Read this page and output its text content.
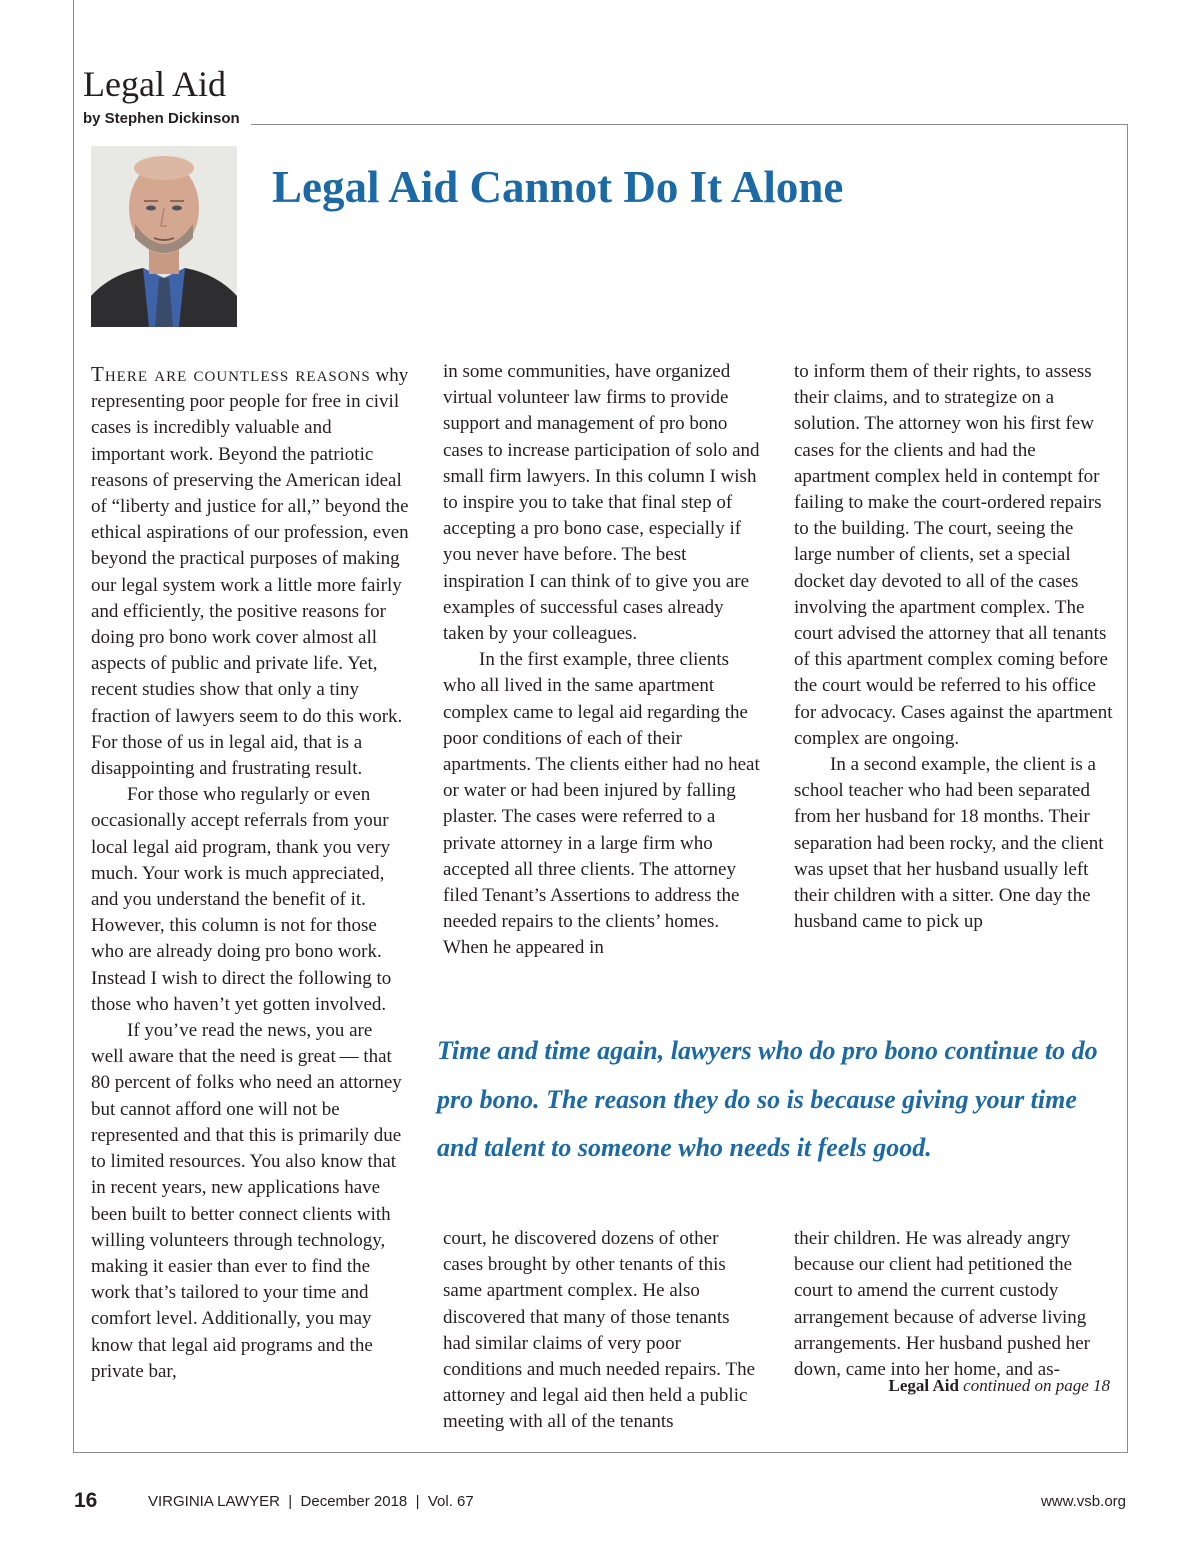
Legal Aid
by Stephen Dickinson
Legal Aid Cannot Do It Alone

There are countless reasons why representing poor people for free in civil cases is incredibly valuable and important work. Beyond the patriotic reasons of preserving the American ideal of “liberty and justice for all,” beyond the ethical aspirations of our profession, even beyond the practical purposes of making our legal system work a little more fairly and efficiently, the positive reasons for doing pro bono work cover almost all aspects of public and private life. Yet, recent studies show that only a tiny fraction of lawyers seem to do this work. For those of us in legal aid, that is a disappointing and frustrating result.

For those who regularly or even occasionally accept referrals from your local legal aid program, thank you very much. Your work is much appreciated, and you understand the benefit of it. However, this column is not for those who are already doing pro bono work. Instead I wish to direct the following to those who haven’t yet gotten involved.

If you’ve read the news, you are well aware that the need is great — that 80 percent of folks who need an attorney but cannot afford one will not be represented and that this is primarily due to limited resources. You also know that in recent years, new applications have been built to better connect clients with willing volunteers through technology, making it easier than ever to find the work that’s tailored to your time and comfort level. Additionally, you may know that legal aid programs and the private bar,

in some communities, have organized virtual volunteer law firms to provide support and management of pro bono cases to increase participation of solo and small firm lawyers. In this column I wish to inspire you to take that final step of accepting a pro bono case, especially if you never have before. The best inspiration I can think of to give you are examples of successful cases already taken by your colleagues.

In the first example, three clients who all lived in the same apartment complex came to legal aid regarding the poor conditions of each of their apartments. The clients either had no heat or water or had been injured by falling plaster. The cases were referred to a private attorney in a large firm who accepted all three clients. The attorney filed Tenant’s Assertions to address the needed repairs to the clients’ homes. When he appeared in

to inform them of their rights, to assess their claims, and to strategize on a solution. The attorney won his first few cases for the clients and had the apartment complex held in contempt for failing to make the court-ordered repairs to the building. The court, seeing the large number of clients, set a special docket day devoted to all of the cases involving the apartment complex. The court advised the attorney that all tenants of this apartment complex coming before the court would be referred to his office for advocacy. Cases against the apartment complex are ongoing.

In a second example, the client is a school teacher who had been separated from her husband for 18 months. Their separation had been rocky, and the client was upset that her husband usually left their children with a sitter. One day the husband came to pick up

Time and time again, lawyers who do pro bono continue to do pro bono. The reason they do so is because giving your time and talent to someone who needs it feels good.

court, he discovered dozens of other cases brought by other tenants of this same apartment complex. He also discovered that many of those tenants had similar claims of very poor conditions and much needed repairs. The attorney and legal aid then held a public meeting with all of the tenants

their children. He was already angry because our client had petitioned the court to amend the current custody arrangement because of adverse living arrangements. Her husband pushed her down, came into her home, and as-

Legal Aid continued on page 18
16	VIRGINIA LAWYER  |  December 2018  |  Vol. 67	www.vsb.org
